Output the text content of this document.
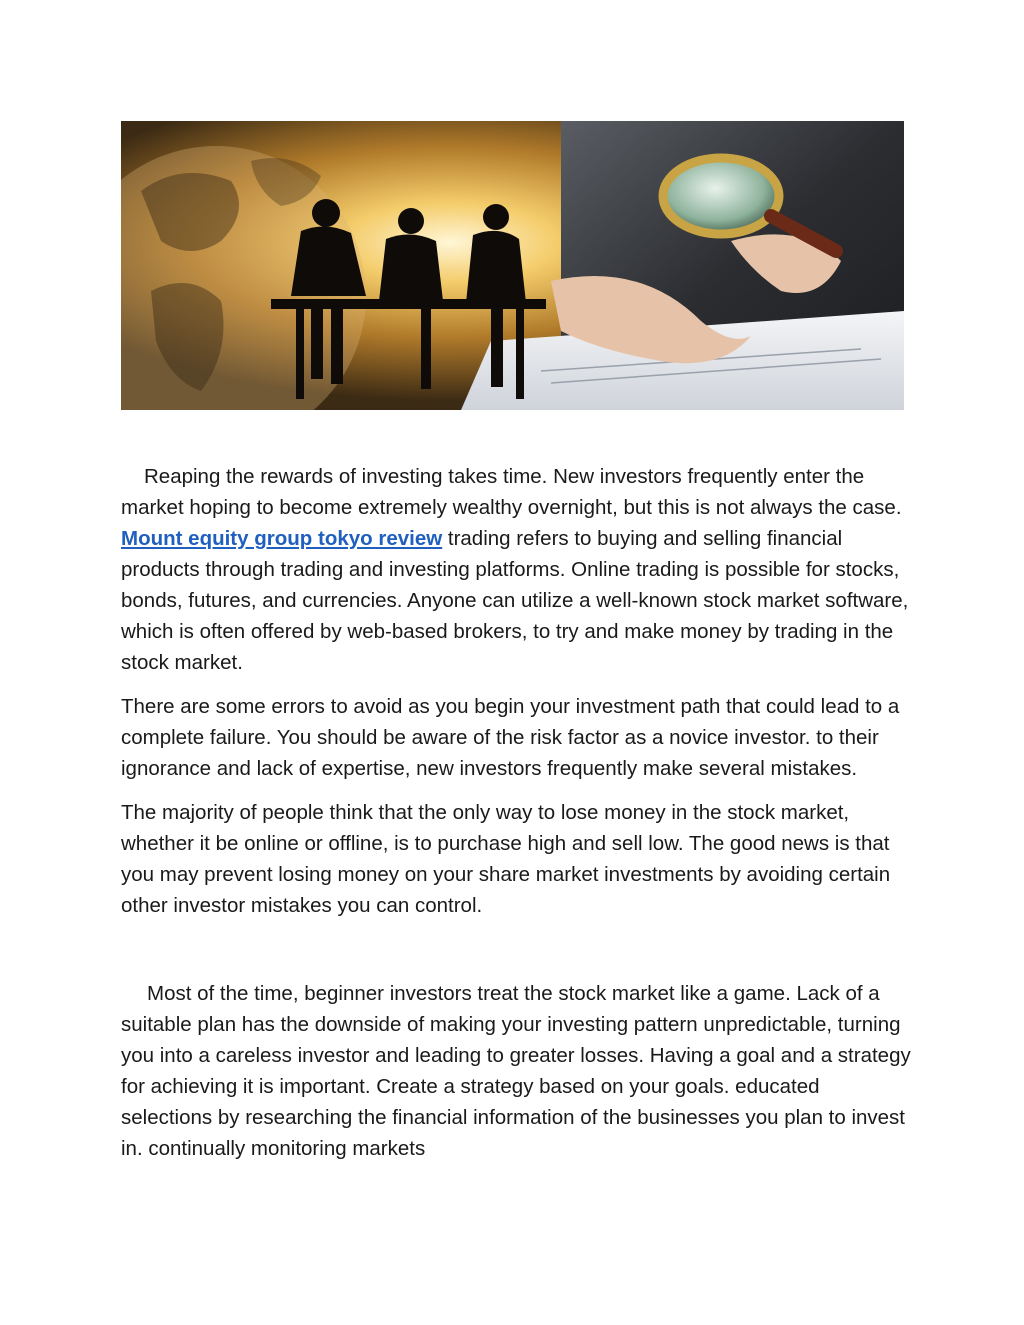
Reaping the rewards of investing takes time. New investors frequently enter the market hoping to become extremely wealthy overnight, but this is not always the case. Mount equity group tokyo review trading refers to buying and selling financial products through trading and investing platforms. Online trading is possible for stocks, bonds, futures, and currencies. Anyone can utilize a well-known stock market software, which is often offered by web-based brokers, to try and make money by trading in the stock market.

There are some errors to avoid as you begin your investment path that could lead to a complete failure. You should be aware of the risk factor as a novice investor. to their ignorance and lack of expertise, new investors frequently make several mistakes.

The majority of people think that the only way to lose money in the stock market, whether it be online or offline, is to purchase high and sell low. The good news is that you may prevent losing money on your share market investments by avoiding certain other investor mistakes you can control.

Most of the time, beginner investors treat the stock market like a game. Lack of a suitable plan has the downside of making your investing pattern unpredictable, turning you into a careless investor and leading to greater losses. Having a goal and a strategy for achieving it is important. Create a strategy based on your goals. educated selections by researching the financial information of the businesses you plan to invest in. continually monitoring markets
